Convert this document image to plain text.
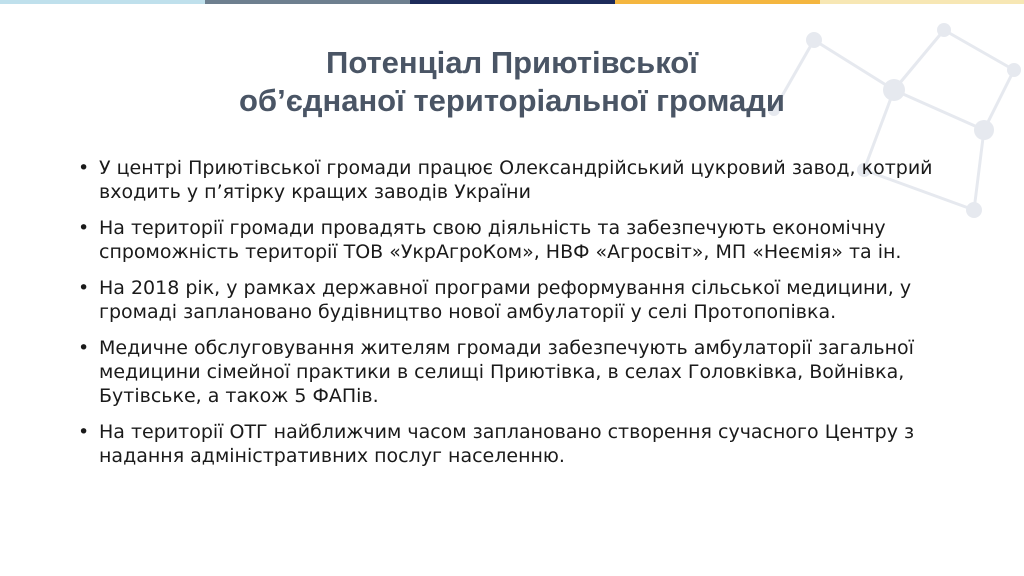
Потенціал Приютівської
об’єднаної територіальної громади
• У центрі Приютівської громади працює Олександрійський цукровий завод, котрий входить у п’ятірку кращих заводів України
• На території громади провадять свою діяльність та забезпечують економічну спроможність території ТОВ «УкрАгроКом», НВФ «Агросвіт», МП «Неємія» та ін.
• На 2018 рік, у рамках державної програми реформування сільської медицини, у громаді заплановано будівництво нової амбулаторії у селі Протопопівка.
• Медичне обслуговування жителям громади забезпечують амбулаторії загальної медицини сімейної практики в селищі Приютівка, в селах Головківка, Войнівка, Бутівське, а також 5 ФАПів.
• На території ОТГ найближчим часом заплановано створення сучасного Центру з надання адміністративних послуг населенню.
